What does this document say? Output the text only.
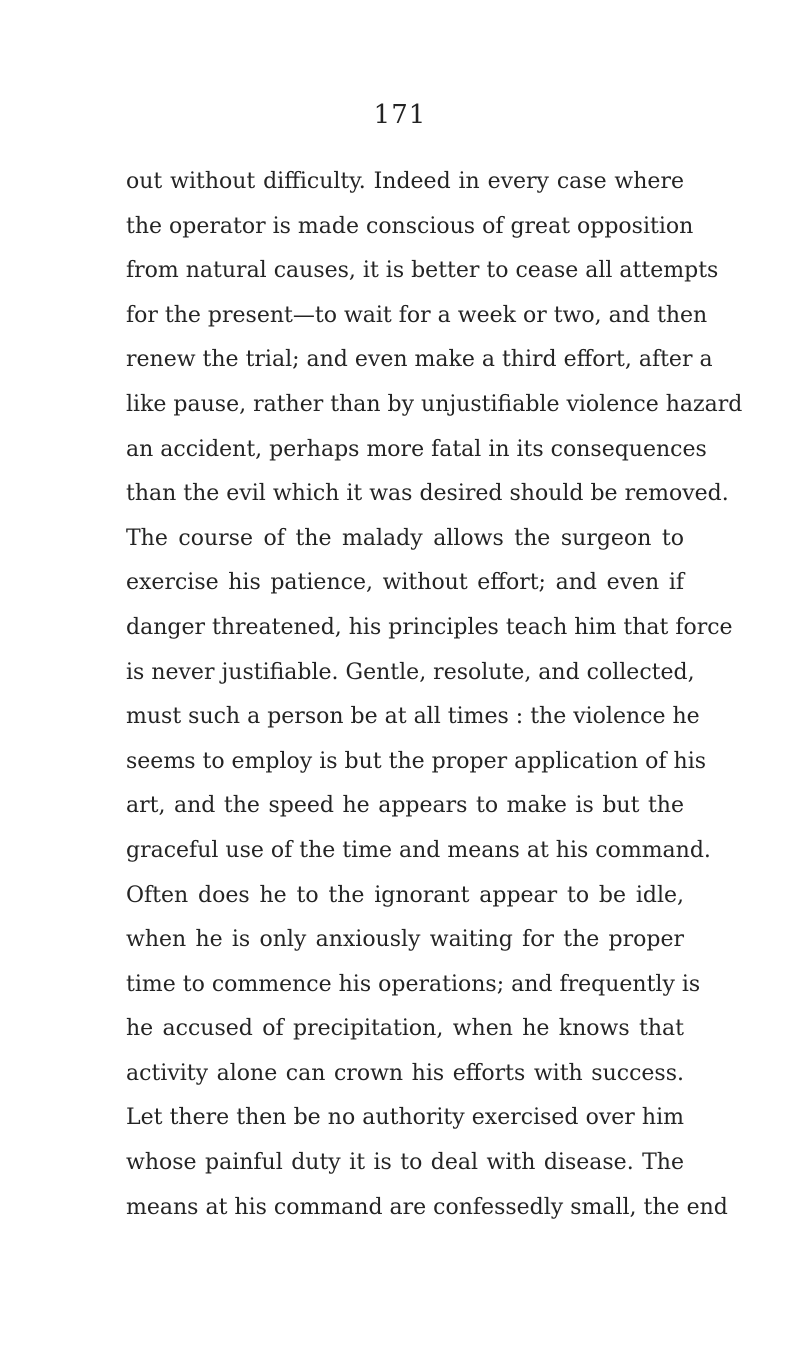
171
out without difficulty. Indeed in every case where
the operator is made conscious of great opposition
from natural causes, it is better to cease all attempts
for the present—to wait for a week or two, and then
renew the trial; and even make a third effort, after a
like pause, rather than by unjustifiable violence hazard
an accident, perhaps more fatal in its consequences
than the evil which it was desired should be removed.
The course of the malady allows the surgeon to
exercise his patience, without effort; and even if
danger threatened, his principles teach him that force
is never justifiable. Gentle, resolute, and collected,
must such a person be at all times : the violence he
seems to employ is but the proper application of his
art, and the speed he appears to make is but the
graceful use of the time and means at his command.
Often does he to the ignorant appear to be idle,
when he is only anxiously waiting for the proper
time to commence his operations; and frequently is
he accused of precipitation, when he knows that
activity alone can crown his efforts with success.
Let there then be no authority exercised over him
whose painful duty it is to deal with disease. The
means at his command are confessedly small, the end
